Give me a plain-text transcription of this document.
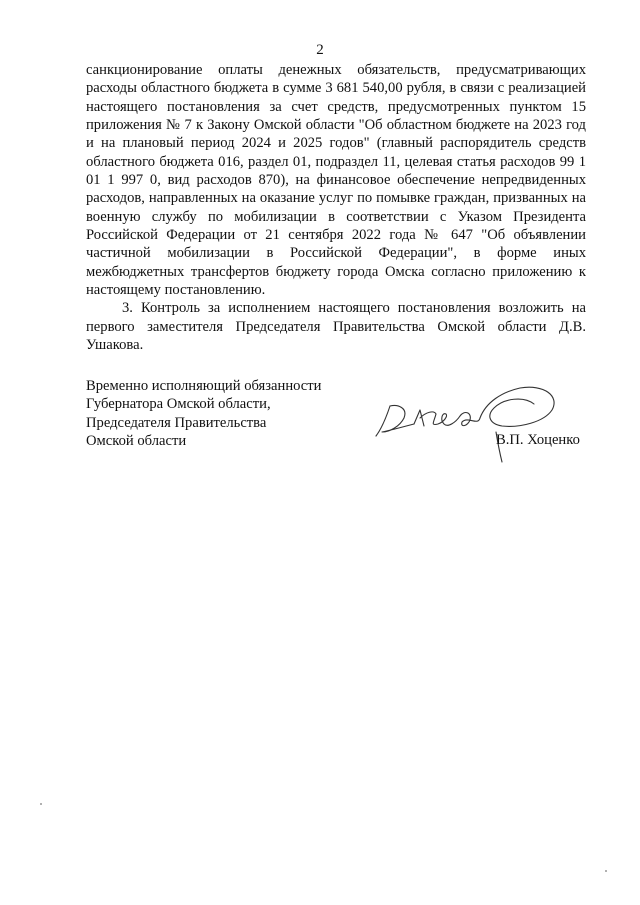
2

санкционирование оплаты денежных обязательств, предусматривающих расходы областного бюджета в сумме 3 681 540,00 рубля, в связи с реализацией настоящего постановления за счет средств, предусмотренных пунктом 15 приложения № 7 к Закону Омской области "Об областном бюджете на 2023 год и на плановый период 2024 и 2025 годов" (главный распорядитель средств областного бюджета 016, раздел 01, подраздел 11, целевая статья расходов 99 1 01 1 997 0, вид расходов 870), на финансовое обеспечение непредвиденных расходов, направленных на оказание услуг по помывке граждан, призванных на военную службу по мобилизации в соответствии с Указом Президента Российской Федерации от 21 сентября 2022 года № 647 "Об объявлении частичной мобилизации в Российской Федерации", в форме иных межбюджетных трансфертов бюджету города Омска согласно приложению к настоящему постановлению.

3. Контроль за исполнением настоящего постановления возложить на первого заместителя Председателя Правительства Омской области Д.В. Ушакова.

Временно исполняющий обязанности
Губернатора Омской области,
Председателя Правительства
Омской области	В.П. Хоценко
